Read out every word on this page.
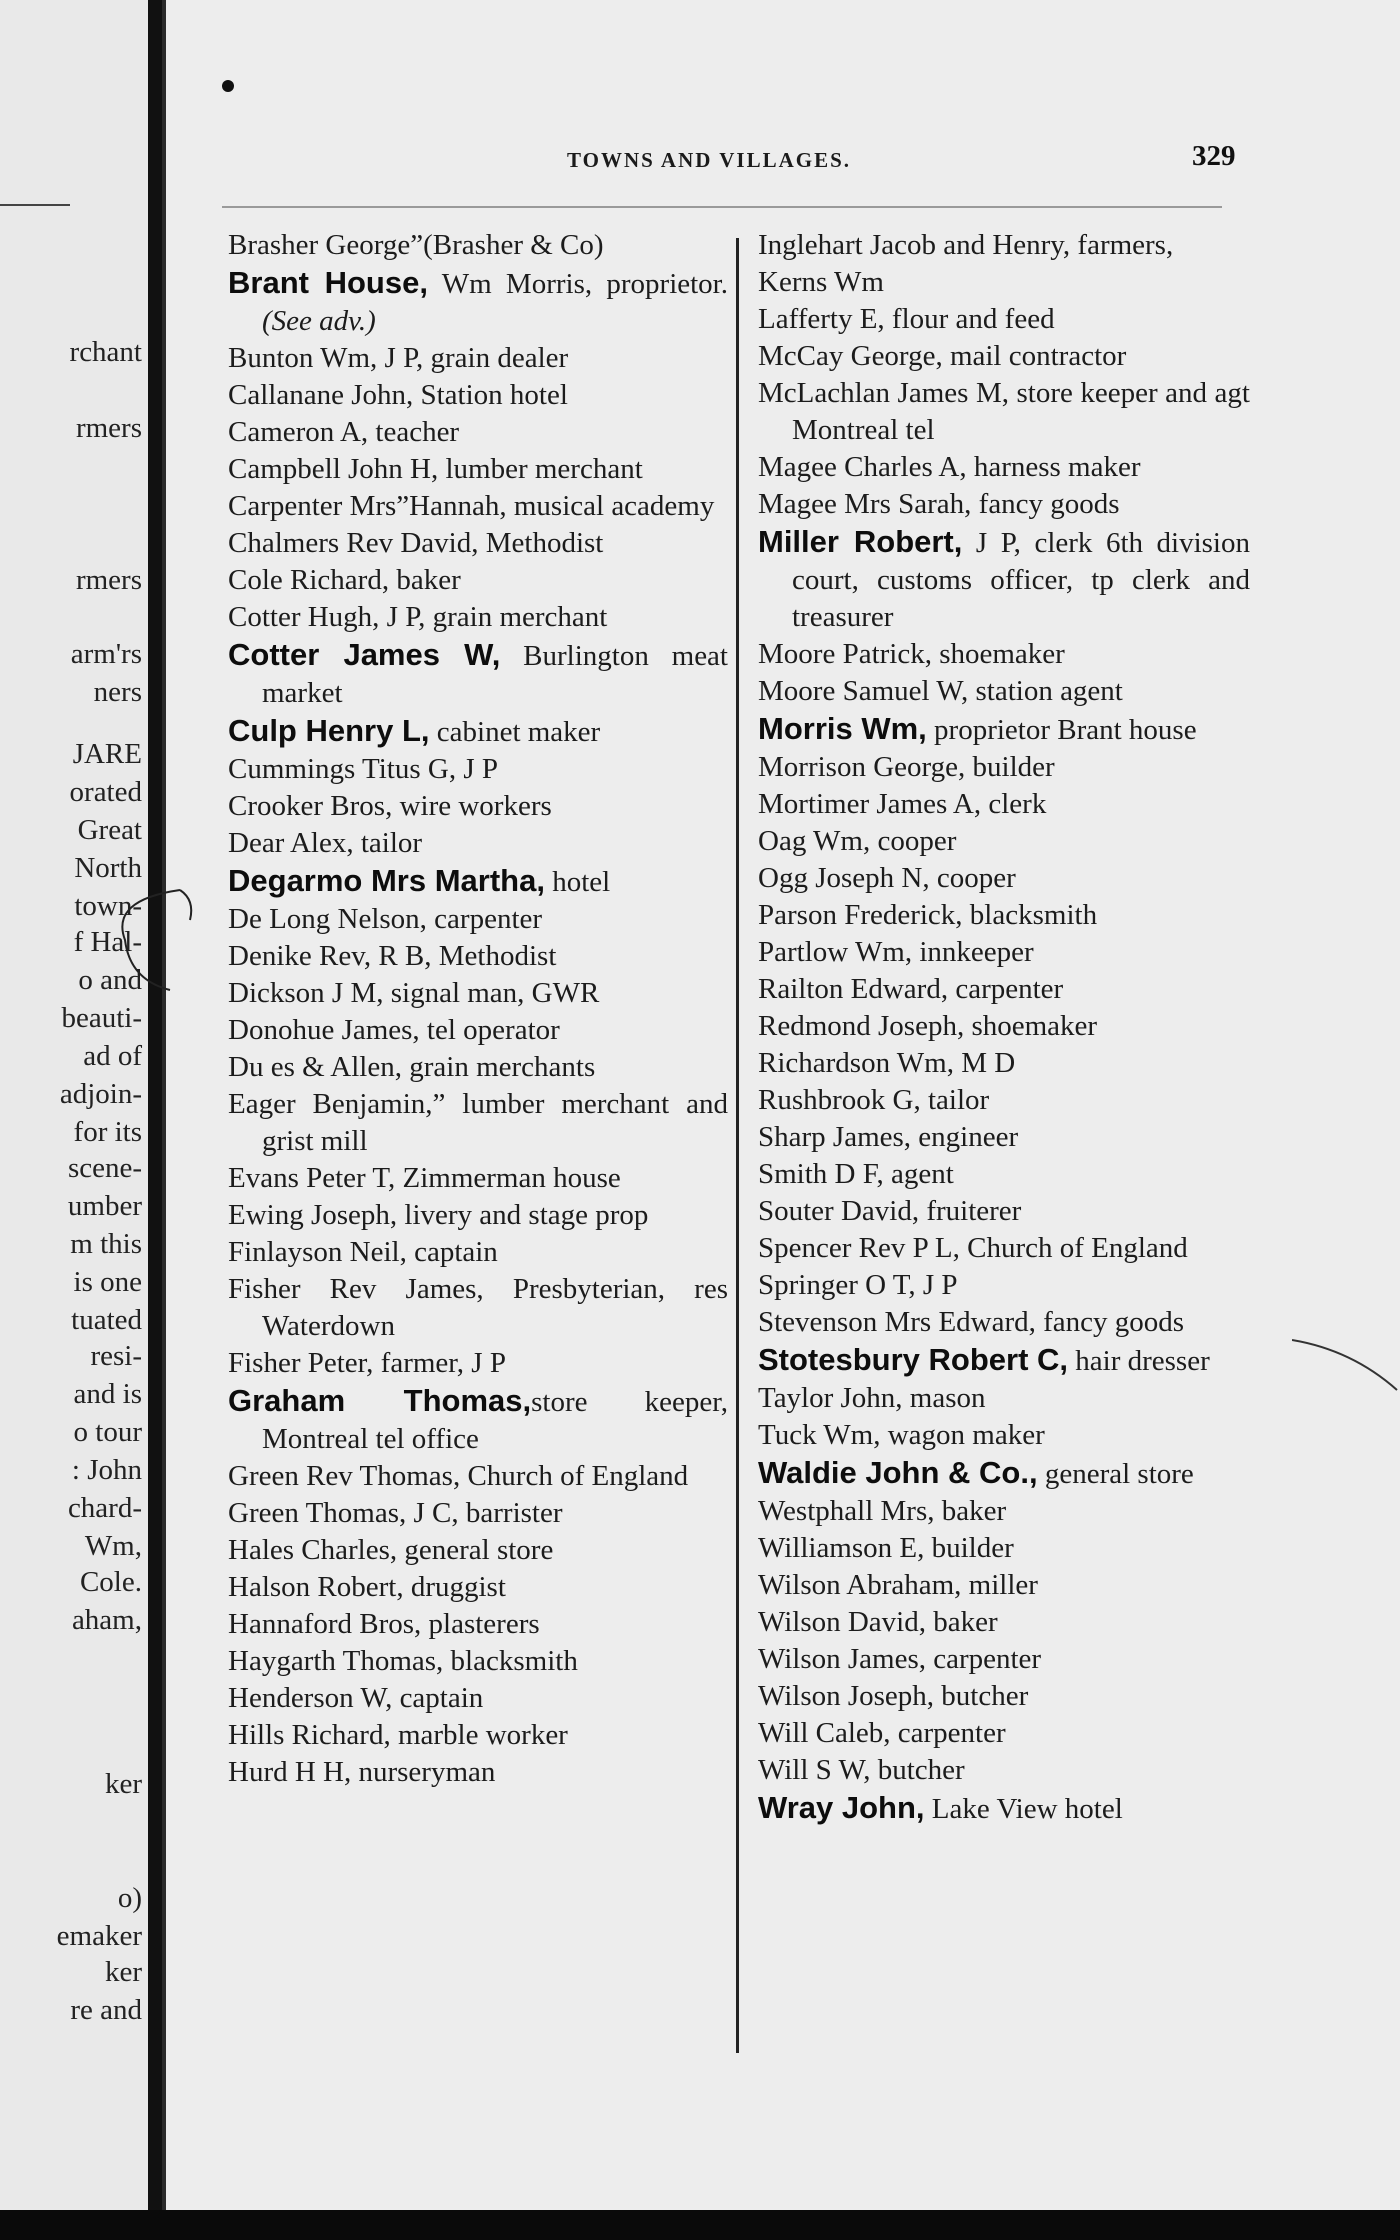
rchant
rmers
rmers
arm'rs
ners
JARE
orated
Great
North
town-
f Hal-
o and
beauti-
ad of
adjoin-
for its
scene-
umber
m this
is one
tuated
resi-
and is
o tour
: John
chard-
Wm,
Cole.
aham,
ker
o)
emaker
ker
re and
TOWNS AND VILLAGES.	329
Brasher George”(Brasher & Co)
Brant House, Wm Morris, proprietor. (See adv.)
Bunton Wm, J P, grain dealer
Callanane John, Station hotel
Cameron A, teacher
Campbell John H, lumber merchant
Carpenter Mrs”Hannah, musical academy
Chalmers Rev David, Methodist
Cole Richard, baker
Cotter Hugh, J P, grain merchant
Cotter James W, Burlington meat market
Culp Henry L, cabinet maker
Cummings Titus G, J P
Crooker Bros, wire workers
Dear Alex, tailor
Degarmo Mrs Martha, hotel
De Long Nelson, carpenter
Denike Rev, R B, Methodist
Dickson J M, signal man, GWR
Donohue James, tel operator
Du es & Allen, grain merchants
Eager Benjamin,” lumber merchant and grist mill
Evans Peter T, Zimmerman house
Ewing Joseph, livery and stage prop
Finlayson Neil, captain
Fisher Rev James, Presbyterian, res Waterdown
Fisher Peter, farmer, J P
Graham Thomas,store keeper, Montreal tel office
Green Rev Thomas, Church of England
Green Thomas, J C, barrister
Hales Charles, general store
Halson Robert, druggist
Hannaford Bros, plasterers
Haygarth Thomas, blacksmith
Henderson W, captain
Hills Richard, marble worker
Hurd H H, nurseryman
Inglehart Jacob and Henry, farmers,
Kerns Wm
Lafferty E, flour and feed
McCay George, mail contractor
McLachlan James M, store keeper and agt Montreal tel
Magee Charles A, harness maker
Magee Mrs Sarah, fancy goods
Miller Robert, J P, clerk 6th division court, customs officer, tp clerk and treasurer
Moore Patrick, shoemaker
Moore Samuel W, station agent
Morris Wm, proprietor Brant house
Morrison George, builder
Mortimer James A, clerk
Oag Wm, cooper
Ogg Joseph N, cooper
Parson Frederick, blacksmith
Partlow Wm, innkeeper
Railton Edward, carpenter
Redmond Joseph, shoemaker
Richardson Wm, M D
Rushbrook G, tailor
Sharp James, engineer
Smith D F, agent
Souter David, fruiterer
Spencer Rev P L, Church of England
Springer O T, J P
Stevenson Mrs Edward, fancy goods
Stotesbury Robert C, hair dresser
Taylor John, mason
Tuck Wm, wagon maker
Waldie John & Co., general store
Westphall Mrs, baker
Williamson E, builder
Wilson Abraham, miller
Wilson David, baker
Wilson James, carpenter
Wilson Joseph, butcher
Will Caleb, carpenter
Will S W, butcher
Wray John, Lake View hotel
